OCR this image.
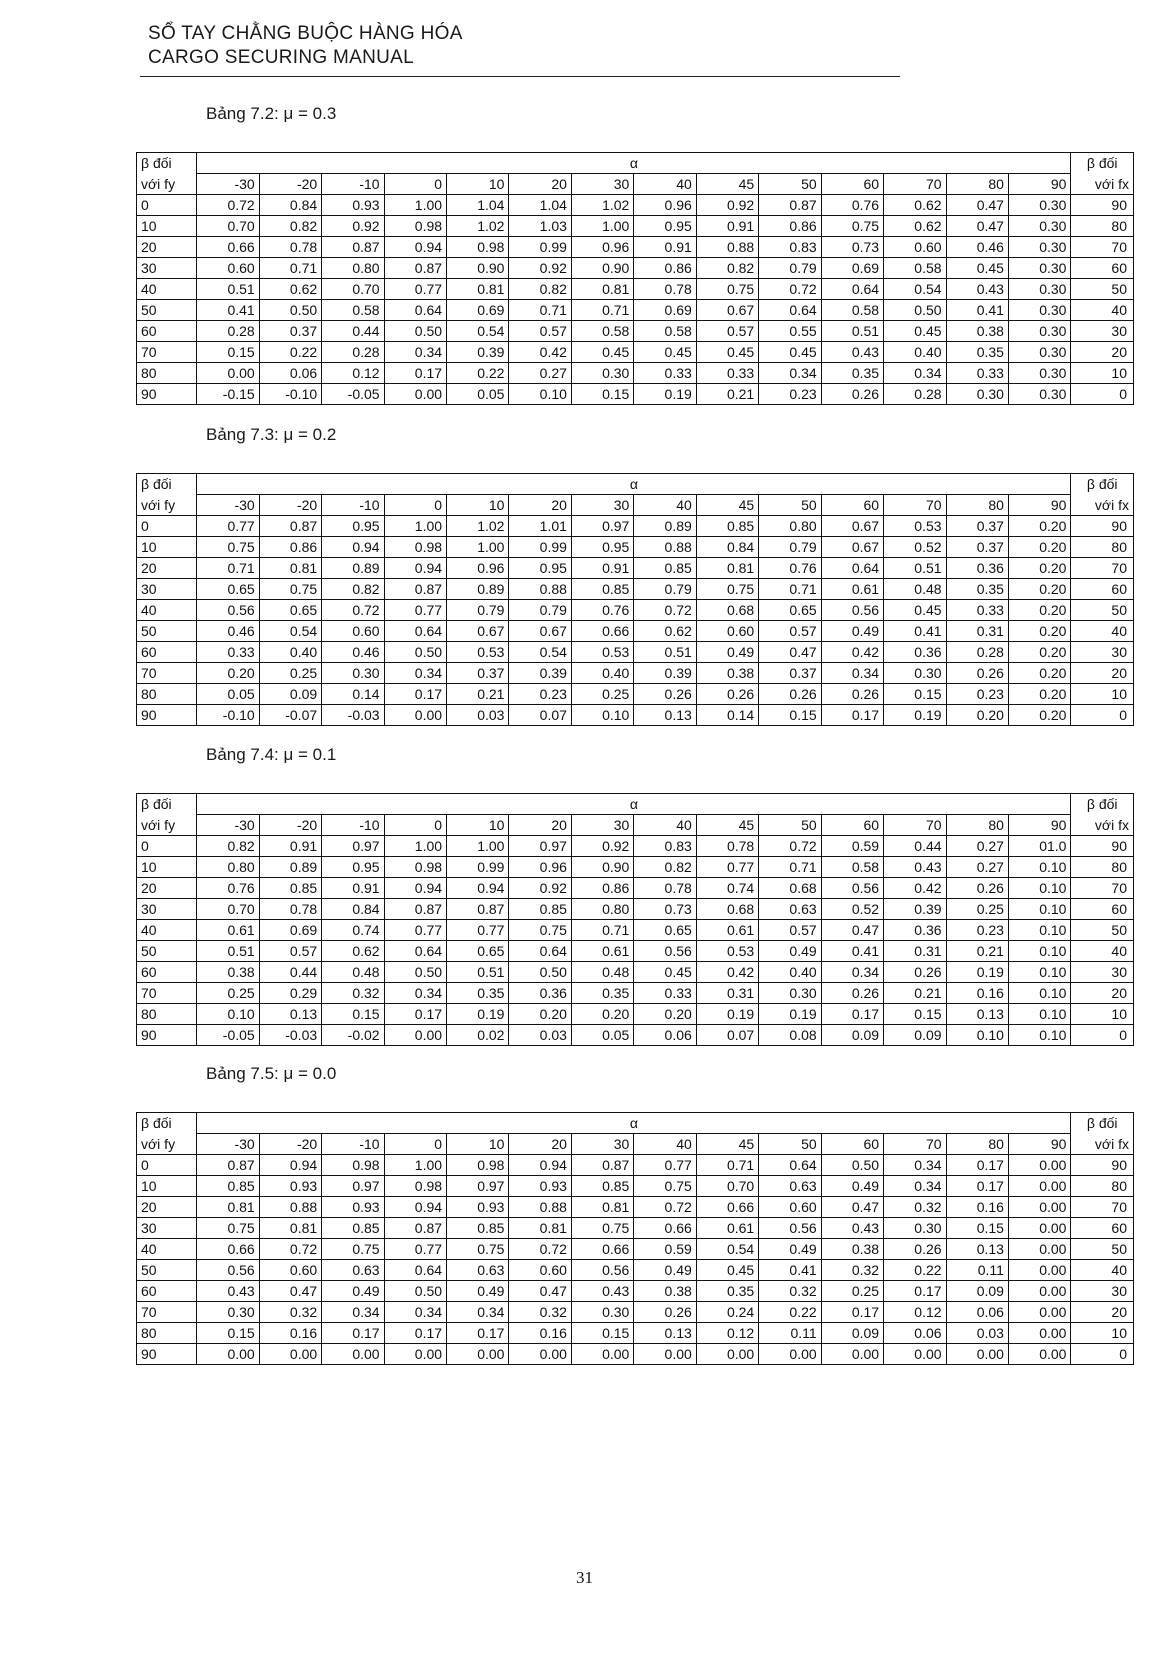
SỔ TAY CHẰNG BUỘC HÀNG HÓA
CARGO SECURING MANUAL
Bảng 7.2: μ = 0.3
β đối	α														β đối
với fy	-30	-20	-10	0	10	20	30	40	45	50	60	70	80	90	với fx
0	0.72	0.84	0.93	1.00	1.04	1.04	1.02	0.96	0.92	0.87	0.76	0.62	0.47	0.30	90
10	0.70	0.82	0.92	0.98	1.02	1.03	1.00	0.95	0.91	0.86	0.75	0.62	0.47	0.30	80
20	0.66	0.78	0.87	0.94	0.98	0.99	0.96	0.91	0.88	0.83	0.73	0.60	0.46	0.30	70
30	0.60	0.71	0.80	0.87	0.90	0.92	0.90	0.86	0.82	0.79	0.69	0.58	0.45	0.30	60
40	0.51	0.62	0.70	0.77	0.81	0.82	0.81	0.78	0.75	0.72	0.64	0.54	0.43	0.30	50
50	0.41	0.50	0.58	0.64	0.69	0.71	0.71	0.69	0.67	0.64	0.58	0.50	0.41	0.30	40
60	0.28	0.37	0.44	0.50	0.54	0.57	0.58	0.58	0.57	0.55	0.51	0.45	0.38	0.30	30
70	0.15	0.22	0.28	0.34	0.39	0.42	0.45	0.45	0.45	0.45	0.43	0.40	0.35	0.30	20
80	0.00	0.06	0.12	0.17	0.22	0.27	0.30	0.33	0.33	0.34	0.35	0.34	0.33	0.30	10
90	-0.15	-0.10	-0.05	0.00	0.05	0.10	0.15	0.19	0.21	0.23	0.26	0.28	0.30	0.30	0
Bảng 7.3: μ = 0.2
β đối	α														β đối
với fy	-30	-20	-10	0	10	20	30	40	45	50	60	70	80	90	với fx
0	0.77	0.87	0.95	1.00	1.02	1.01	0.97	0.89	0.85	0.80	0.67	0.53	0.37	0.20	90
10	0.75	0.86	0.94	0.98	1.00	0.99	0.95	0.88	0.84	0.79	0.67	0.52	0.37	0.20	80
20	0.71	0.81	0.89	0.94	0.96	0.95	0.91	0.85	0.81	0.76	0.64	0.51	0.36	0.20	70
30	0.65	0.75	0.82	0.87	0.89	0.88	0.85	0.79	0.75	0.71	0.61	0.48	0.35	0.20	60
40	0.56	0.65	0.72	0.77	0.79	0.79	0.76	0.72	0.68	0.65	0.56	0.45	0.33	0.20	50
50	0.46	0.54	0.60	0.64	0.67	0.67	0.66	0.62	0.60	0.57	0.49	0.41	0.31	0.20	40
60	0.33	0.40	0.46	0.50	0.53	0.54	0.53	0.51	0.49	0.47	0.42	0.36	0.28	0.20	30
70	0.20	0.25	0.30	0.34	0.37	0.39	0.40	0.39	0.38	0.37	0.34	0.30	0.26	0.20	20
80	0.05	0.09	0.14	0.17	0.21	0.23	0.25	0.26	0.26	0.26	0.26	0.15	0.23	0.20	10
90	-0.10	-0.07	-0.03	0.00	0.03	0.07	0.10	0.13	0.14	0.15	0.17	0.19	0.20	0.20	0
Bảng 7.4: μ = 0.1
β đối	α														β đối
với fy	-30	-20	-10	0	10	20	30	40	45	50	60	70	80	90	với fx
0	0.82	0.91	0.97	1.00	1.00	0.97	0.92	0.83	0.78	0.72	0.59	0.44	0.27	01.0	90
10	0.80	0.89	0.95	0.98	0.99	0.96	0.90	0.82	0.77	0.71	0.58	0.43	0.27	0.10	80
20	0.76	0.85	0.91	0.94	0.94	0.92	0.86	0.78	0.74	0.68	0.56	0.42	0.26	0.10	70
30	0.70	0.78	0.84	0.87	0.87	0.85	0.80	0.73	0.68	0.63	0.52	0.39	0.25	0.10	60
40	0.61	0.69	0.74	0.77	0.77	0.75	0.71	0.65	0.61	0.57	0.47	0.36	0.23	0.10	50
50	0.51	0.57	0.62	0.64	0.65	0.64	0.61	0.56	0.53	0.49	0.41	0.31	0.21	0.10	40
60	0.38	0.44	0.48	0.50	0.51	0.50	0.48	0.45	0.42	0.40	0.34	0.26	0.19	0.10	30
70	0.25	0.29	0.32	0.34	0.35	0.36	0.35	0.33	0.31	0.30	0.26	0.21	0.16	0.10	20
80	0.10	0.13	0.15	0.17	0.19	0.20	0.20	0.20	0.19	0.19	0.17	0.15	0.13	0.10	10
90	-0.05	-0.03	-0.02	0.00	0.02	0.03	0.05	0.06	0.07	0.08	0.09	0.09	0.10	0.10	0
Bảng 7.5: μ = 0.0
β đối	α														β đối
với fy	-30	-20	-10	0	10	20	30	40	45	50	60	70	80	90	với fx
0	0.87	0.94	0.98	1.00	0.98	0.94	0.87	0.77	0.71	0.64	0.50	0.34	0.17	0.00	90
10	0.85	0.93	0.97	0.98	0.97	0.93	0.85	0.75	0.70	0.63	0.49	0.34	0.17	0.00	80
20	0.81	0.88	0.93	0.94	0.93	0.88	0.81	0.72	0.66	0.60	0.47	0.32	0.16	0.00	70
30	0.75	0.81	0.85	0.87	0.85	0.81	0.75	0.66	0.61	0.56	0.43	0.30	0.15	0.00	60
40	0.66	0.72	0.75	0.77	0.75	0.72	0.66	0.59	0.54	0.49	0.38	0.26	0.13	0.00	50
50	0.56	0.60	0.63	0.64	0.63	0.60	0.56	0.49	0.45	0.41	0.32	0.22	0.11	0.00	40
60	0.43	0.47	0.49	0.50	0.49	0.47	0.43	0.38	0.35	0.32	0.25	0.17	0.09	0.00	30
70	0.30	0.32	0.34	0.34	0.34	0.32	0.30	0.26	0.24	0.22	0.17	0.12	0.06	0.00	20
80	0.15	0.16	0.17	0.17	0.17	0.16	0.15	0.13	0.12	0.11	0.09	0.06	0.03	0.00	10
90	0.00	0.00	0.00	0.00	0.00	0.00	0.00	0.00	0.00	0.00	0.00	0.00	0.00	0.00	0
31
